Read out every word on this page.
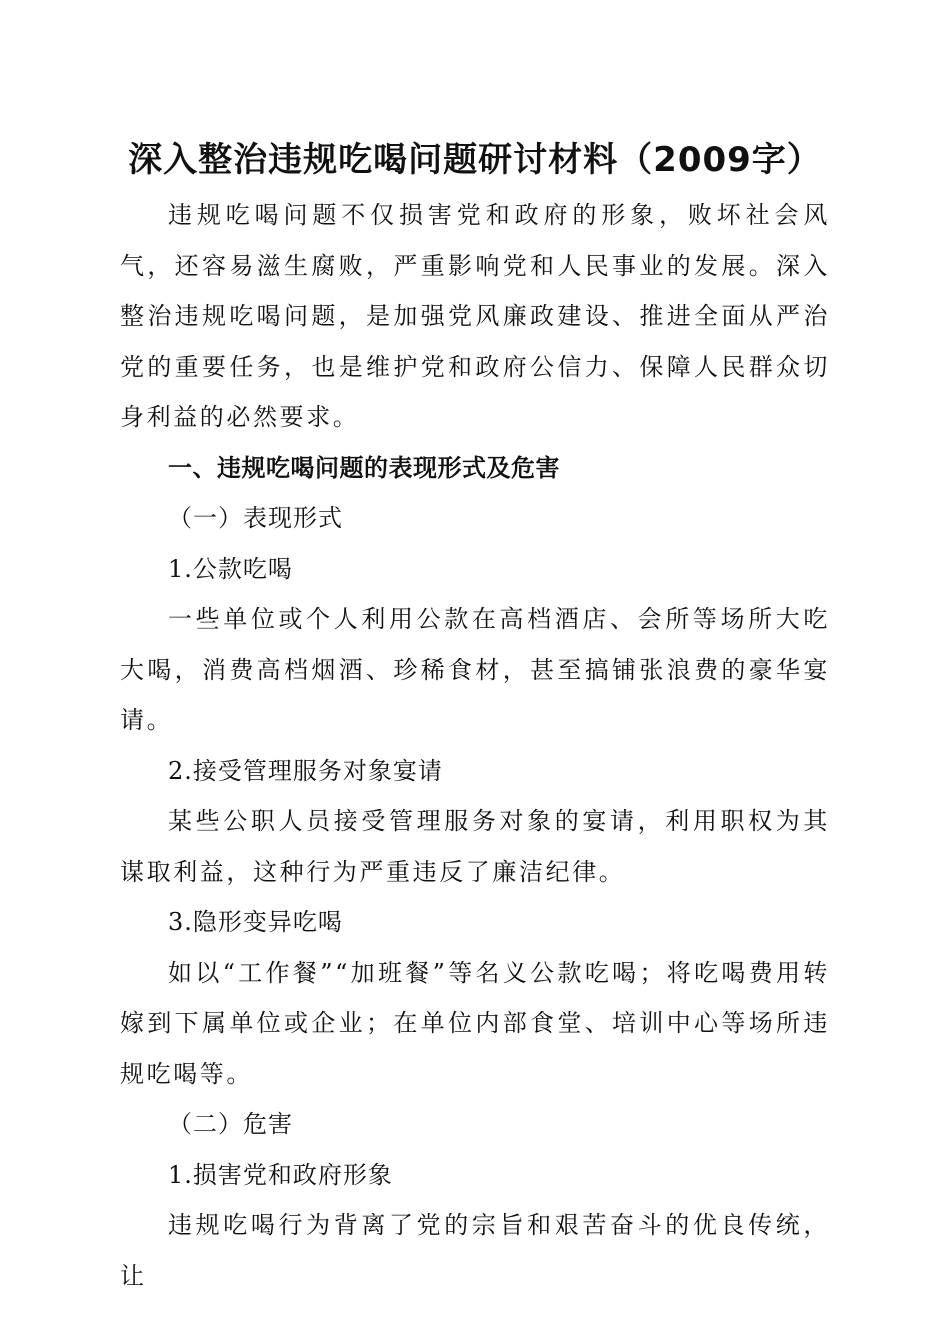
深入整治违规吃喝问题研讨材料（2009字）

违规吃喝问题不仅损害党和政府的形象，败坏社会风气，还容易滋生腐败，严重影响党和人民事业的发展。深入整治违规吃喝问题，是加强党风廉政建设、推进全面从严治党的重要任务，也是维护党和政府公信力、保障人民群众切身利益的必然要求。

一、违规吃喝问题的表现形式及危害

（一）表现形式

1.公款吃喝

一些单位或个人利用公款在高档酒店、会所等场所大吃大喝，消费高档烟酒、珍稀食材，甚至搞铺张浪费的豪华宴请。

2.接受管理服务对象宴请

某些公职人员接受管理服务对象的宴请，利用职权为其谋取利益，这种行为严重违反了廉洁纪律。

3.隐形变异吃喝

如以“工作餐”“加班餐”等名义公款吃喝；将吃喝费用转嫁到下属单位或企业；在单位内部食堂、培训中心等场所违规吃喝等。

（二）危害

1.损害党和政府形象

违规吃喝行为背离了党的宗旨和艰苦奋斗的优良传统，让
